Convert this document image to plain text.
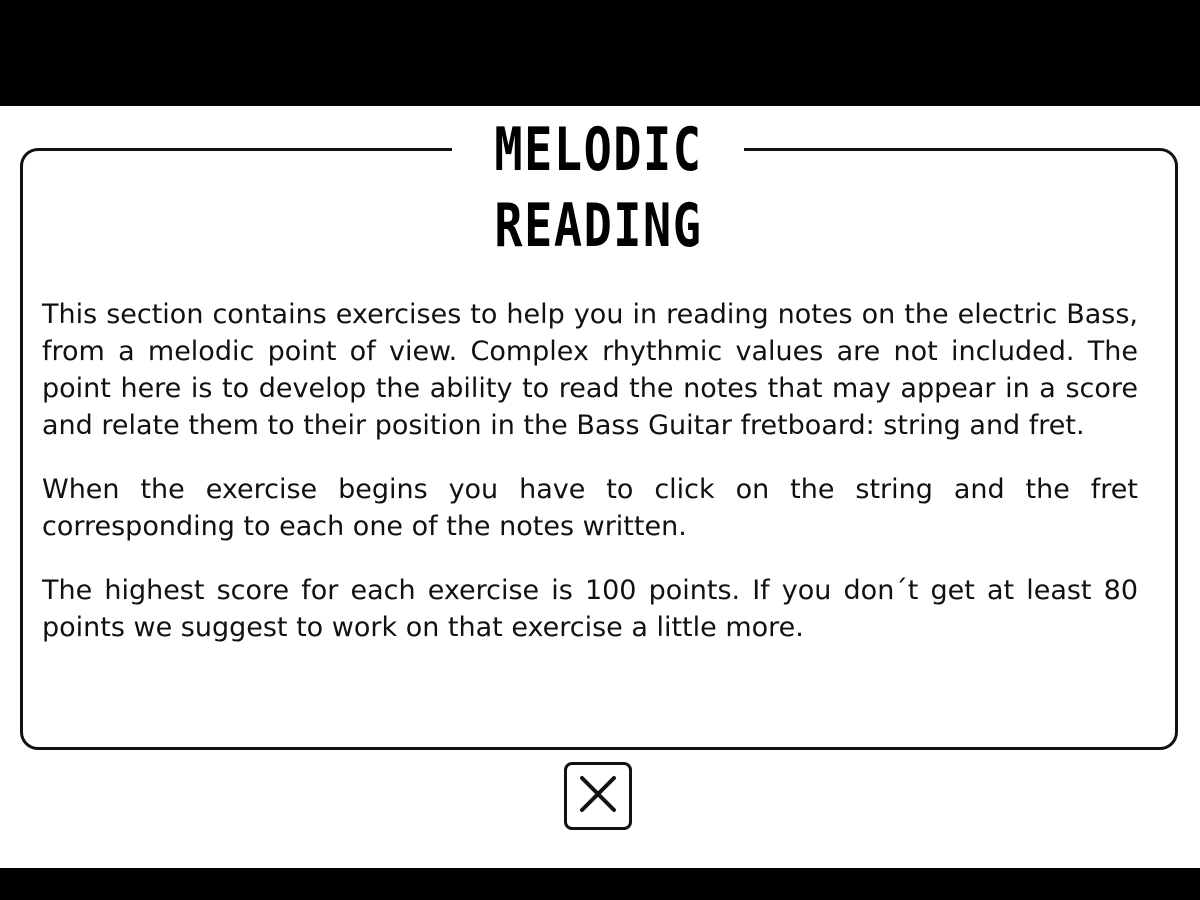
MELODIC
READING

This section contains exercises to help you in reading notes on the electric Bass, from a melodic point of view. Complex rhythmic values are not included. The point here is to develop the ability to read the notes that may appear in a score and relate them to their position in the Bass Guitar fretboard: string and fret.

When the exercise begins you have to click on the string and the fret corresponding to each one of the notes written.

The highest score for each exercise is 100 points. If you don´t get at least 80 points we suggest to work on that exercise a little more.
